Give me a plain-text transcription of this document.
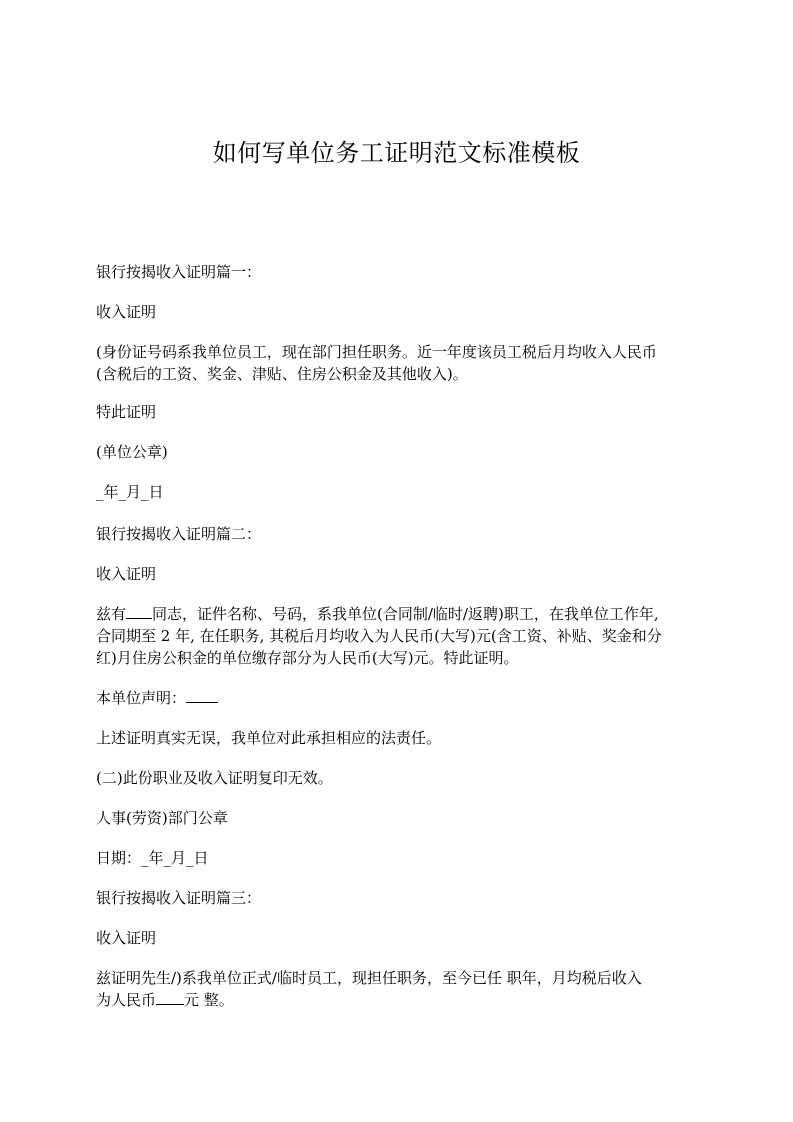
如何写单位务工证明范文标准模板
银行按揭收入证明篇一：
收入证明
(身份证号码系我单位员工，现在部门担任职务。近一年度该员工税后月均收入人民币
(含税后的工资、奖金、津贴、住房公积金及其他收入)。
特此证明
(单位公章)
_年_月_日
银行按揭收入证明篇二：
收入证明
兹有 同志，证件名称、号码，系我单位(合同制/临时/返聘)职工，在我单位工作年,
合同期至 2 年, 在任职务, 其税后月均收入为人民币(大写)元(含工资、补贴、奖金和分
红)月住房公积金的单位缴存部分为人民币(大写)元。特此证明。
本单位声明：
上述证明真实无误，我单位对此承担相应的法责任。
(二)此份职业及收入证明复印无效。
人事(劳资)部门公章
日期：_年_月_日
银行按揭收入证明篇三：
收入证明
兹证明先生/)系我单位正式/临时员工，现担任职务，至今已任 职年，月均税后收入
为人民币 元 整。
